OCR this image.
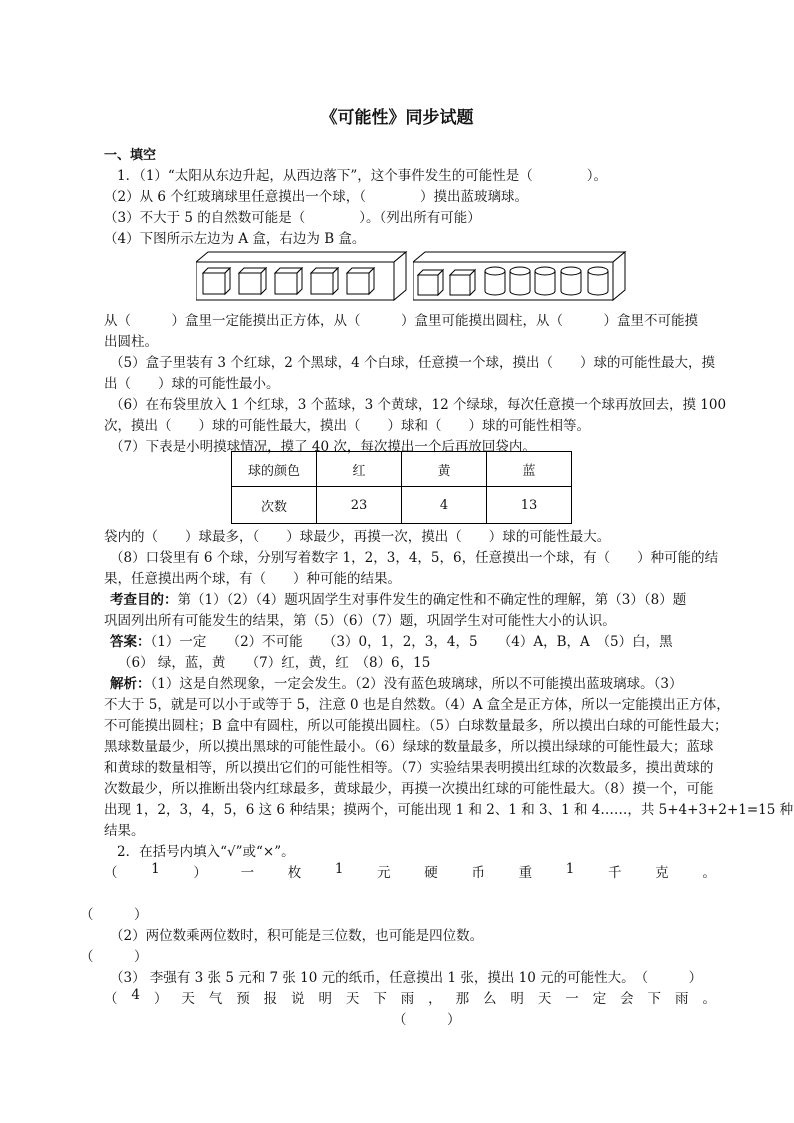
《可能性》同步试题
一、填空
1．（1）“太阳从东边升起，从西边落下”，这个事件发生的可能性是（　　　　）。
（2）从 6 个红玻璃球里任意摸出一个球，（　　　　）摸出蓝玻璃球。
（3）不大于 5 的自然数可能是（　　　　）。（列出所有可能）
（4）下图所示左边为 A 盒，右边为 B 盒。
从（　　　）盒里一定能摸出正方体，从（　　　）盒里可能摸出圆柱，从（　　　）盒里不可能摸
出圆柱。
（5）盒子里装有 3 个红球，2 个黑球，4 个白球，任意摸一个球，摸出（　　）球的可能性最大，摸
出（　　）球的可能性最小。
（6）在布袋里放入 1 个红球，3 个蓝球，3 个黄球，12 个绿球，每次任意摸一个球再放回去，摸 100
次，摸出（　　）球的可能性最大，摸出（　　）球和（　　）球的可能性相等。
（7）下表是小明摸球情况，摸了 40 次，每次摸出一个后再放回袋内。
球的颜色	红	黄	蓝
次数	23	4	13
袋内的（　　）球最多，（　　）球最少，再摸一次，摸出（　　）球的可能性最大。
（8）口袋里有 6 个球，分别写着数字 1，2，3，4，5，6，任意摸出一个球，有（　　）种可能的结
果，任意摸出两个球，有（　　）种可能的结果。
考查目的：第（1）（2）（4）题巩固学生对事件发生的确定性和不确定性的理解，第（3）（8）题
巩固列出所有可能发生的结果，第（5）（6）（7）题，巩固学生对可能性大小的认识。
答案：（1）一定　　（2）不可能　　（3）0，1，2，3，4，5　　（4）A，B，A　（5）白，黑
（6） 绿，蓝，黄　　（7）红，黄，红　（8）6，15
解析：（1）这是自然现象，一定会发生。（2）没有蓝色玻璃球，所以不可能摸出蓝玻璃球。（3）
不大于 5，就是可以小于或等于 5，注意 0 也是自然数。（4）A 盒全是正方体，所以一定能摸出正方体，
不可能摸出圆柱；B 盒中有圆柱，所以可能摸出圆柱。（5）白球数量最多，所以摸出白球的可能性最大；
黑球数量最少，所以摸出黑球的可能性最小。（6）绿球的数量最多，所以摸出绿球的可能性最大；蓝球
和黄球的数量相等，所以摸出它们的可能性相等。（7）实验结果表明摸出红球的次数最多，摸出黄球的
次数最少，所以推断出袋内红球最多，黄球最少，再摸一次摸出红球的可能性最大。（8）摸一个，可能
出现 1，2，3，4，5，6 这 6 种结果；摸两个，可能出现 1 和 2、1 和 3、1 和 4……，共 5+4+3+2+1=15 种
结果。
2．在括号内填入“√”或“×”。
（ 1 ） 一 枚 1 元 硬 币 重 1 千 克 。
（　　　）
（2）两位数乘两位数时，积可能是三位数，也可能是四位数。
（　　　）
（3） 李强有 3 张 5 元和 7 张 10 元的纸币，任意摸出 1 张，摸出 10 元的可能性大。　（　　　）
（ 4 ） 天 气 预 报 说 明 天 下 雨 ， 那 么 明 天 一 定 会 下 雨 。
（　　　）
